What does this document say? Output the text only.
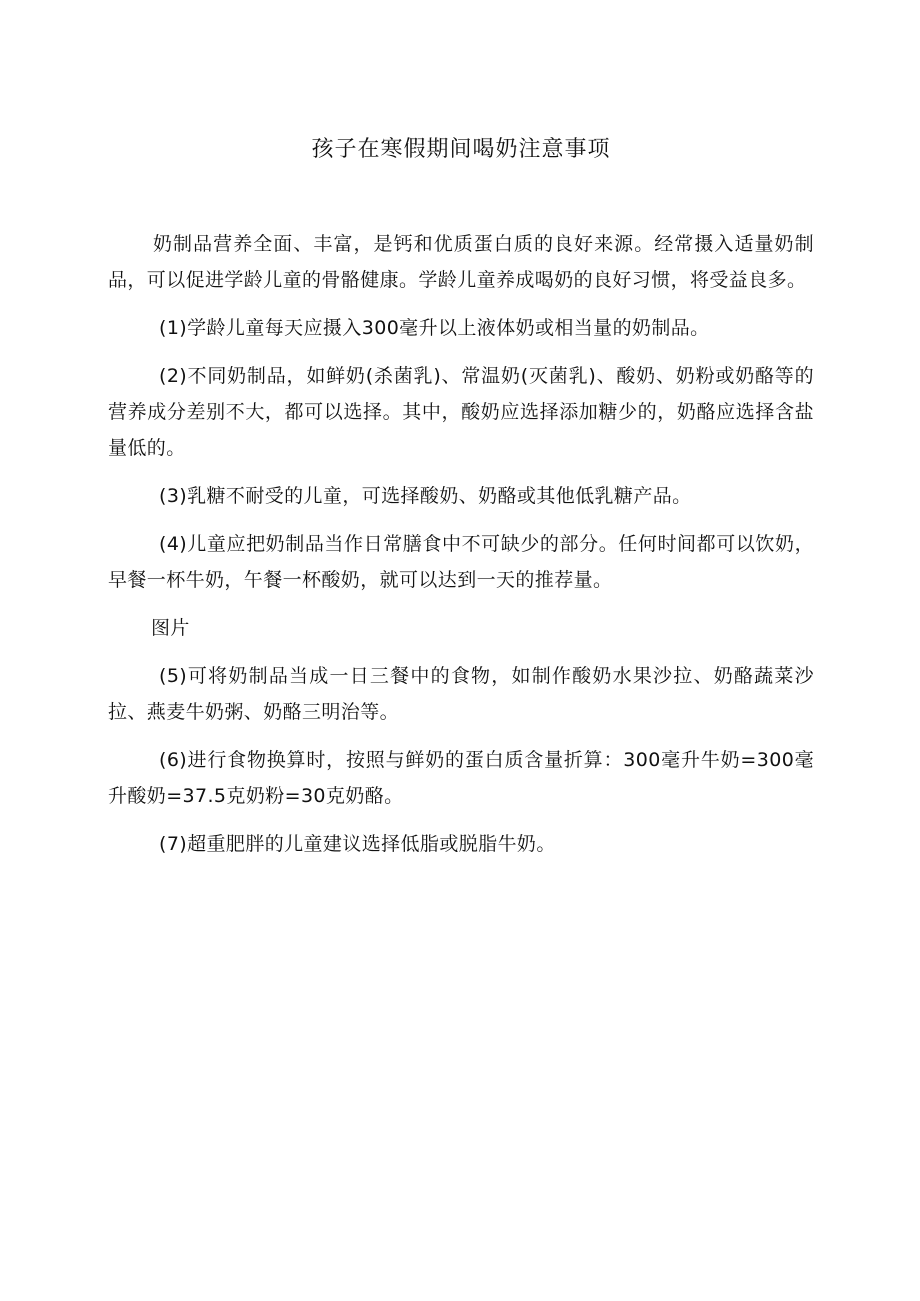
孩子在寒假期间喝奶注意事项

奶制品营养全面、丰富，是钙和优质蛋白质的良好来源。经常摄入适量奶制品，可以促进学龄儿童的骨骼健康。学龄儿童养成喝奶的良好习惯，将受益良多。

(1)学龄儿童每天应摄入300毫升以上液体奶或相当量的奶制品。

(2)不同奶制品，如鲜奶(杀菌乳)、常温奶(灭菌乳)、酸奶、奶粉或奶酪等的营养成分差别不大，都可以选择。其中，酸奶应选择添加糖少的，奶酪应选择含盐量低的。

(3)乳糖不耐受的儿童，可选择酸奶、奶酪或其他低乳糖产品。

(4)儿童应把奶制品当作日常膳食中不可缺少的部分。任何时间都可以饮奶，早餐一杯牛奶，午餐一杯酸奶，就可以达到一天的推荐量。

图片

(5)可将奶制品当成一日三餐中的食物，如制作酸奶水果沙拉、奶酪蔬菜沙拉、燕麦牛奶粥、奶酪三明治等。

(6)进行食物换算时，按照与鲜奶的蛋白质含量折算：300毫升牛奶=300毫升酸奶=37.5克奶粉=30克奶酪。

(7)超重肥胖的儿童建议选择低脂或脱脂牛奶。
